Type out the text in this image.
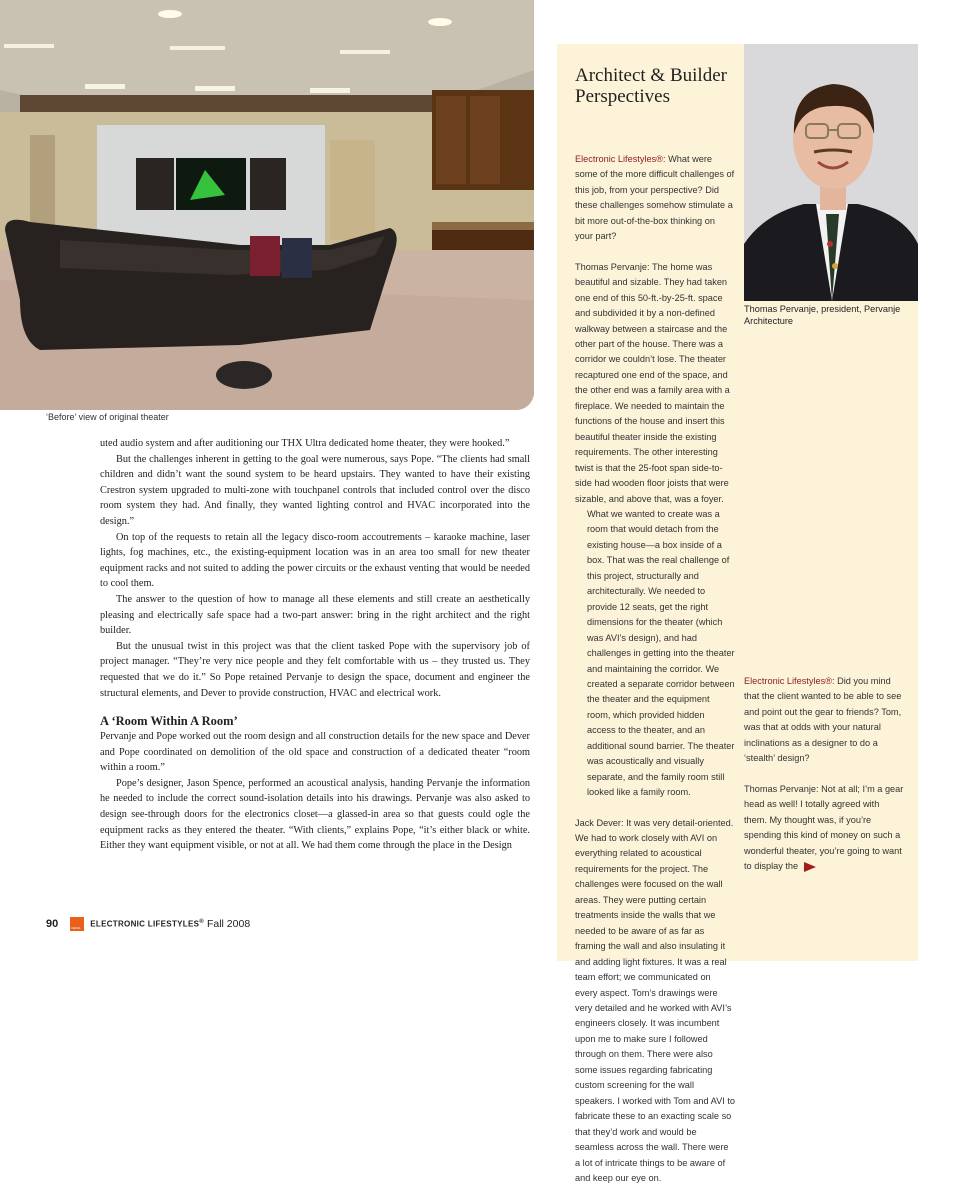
‘Before’ view of original theater

uted audio system and after auditioning our THX Ultra dedicated home theater, they were hooked.”

But the challenges inherent in getting to the goal were numerous, says Pope. “The clients had small children and didn’t want the sound system to be heard upstairs. They wanted to have their existing Crestron system upgraded to multi-zone with touchpanel controls that included control over the disco room system they had. And finally, they wanted lighting control and HVAC incorporated into the design.”

On top of the requests to retain all the legacy disco-room accoutrements – karaoke machine, laser lights, fog machines, etc., the existing-equipment location was in an area too small for new theater equipment racks and not suited to adding the power circuits or the exhaust venting that would be needed to cool them.

The answer to the question of how to manage all these elements and still create an aesthetically pleasing and electrically safe space had a two-part answer: bring in the right architect and the right builder.

But the unusual twist in this project was that the client tasked Pope with the supervisory job of project manager. “They’re very nice people and they felt comfortable with us – they trusted us. They requested that we do it.” So Pope retained Pervanje to design the space, document and engineer the structural elements, and Dever to provide construction, HVAC and electrical work.

A ‘Room Within A Room’

Pervanje and Pope worked out the room design and all construction details for the new space and Dever and Pope coordinated on demolition of the old space and construction of a dedicated theater “room within a room.”

Pope’s designer, Jason Spence, performed an acoustical analysis, handing Pervanje the information he needed to include the correct sound-isolation details into his drawings. Pervanje was also asked to design see-through doors for the electronics closet—a glassed-in area so that guests could ogle the equipment racks as they entered the theater. “With clients,” explains Pope, “it’s either black or white. Either they want equipment visible, or not at all. We had them come through the place in the Design

Architect & Builder Perspectives
Thomas Pervanje, president, Pervanje Architecture

Electronic Lifestyles®: What were some of the more difficult challenges of this job, from your perspective? Did these challenges somehow stimulate a bit more out-of-the-box thinking on your part?

Thomas Pervanje: The home was beautiful and sizable. They had taken one end of this 50-ft.-by-25-ft. space and subdivided it by a non-defined walkway between a staircase and the other part of the house. There was a corridor we couldn’t lose. The theater recaptured one end of the space, and the other end was a family area with a fireplace. We needed to maintain the functions of the house and insert this beautiful theater inside the existing requirements. The other interesting twist is that the 25-foot span side-to-side had wooden floor joists that were sizable, and above that, was a foyer.

What we wanted to create was a room that would detach from the existing house—a box inside of a box. That was the real challenge of this project, structurally and architecturally. We needed to provide 12 seats, get the right dimensions for the theater (which was AVI’s design), and had challenges in getting into the theater and maintaining the corridor. We created a separate corridor between the theater and the equipment room, which provided hidden access to the theater, and an additional sound barrier. The theater was acoustically and visually separate, and the family room still looked like a family room.

Jack Dever: It was very detail-oriented. We had to work closely with AVI on everything related to acoustical requirements for the project. The challenges were focused on the wall areas. They were putting certain treatments inside the walls that we needed to be aware of as far as framing the wall and also insulating it and adding light fixtures. It was a real team effort; we communicated on every aspect. Tom’s drawings were very detailed and he worked with AVI’s engineers closely. It was incumbent upon me to make sure I followed through on them. There were also some issues regarding fabricating custom screening for the wall speakers. I worked with Tom and AVI to fabricate these to an exacting scale so that they’d work and would be seamless across the wall. There were a lot of intricate things to be aware of and keep our eye on.

Electronic Lifestyles®: Did you mind that the client wanted to be able to see and point out the gear to friends? Tom, was that at odds with your natural inclinations as a designer to do a ‘stealth’ design?

Thomas Pervanje: Not at all; I’m a gear head as well! I totally agreed with them. My thought was, if you’re spending this kind of money on such a wonderful theater, you’re going to want to display the

90	CEDIA ELECTRONIC LIFESTYLES® Fall 2008
